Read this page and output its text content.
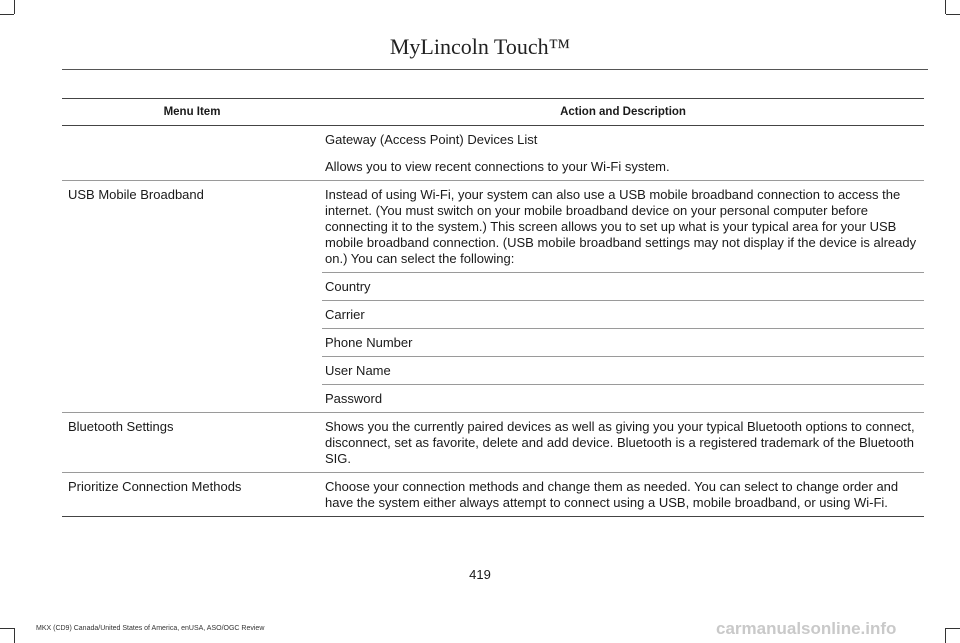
MyLincoln Touch™
Menu Item	Action and Description
	Gateway (Access Point) Devices List
	Allows you to view recent connections to your Wi-Fi system.
USB Mobile Broadband	Instead of using Wi-Fi, your system can also use a USB mobile broadband connection to access the internet. (You must switch on your mobile broadband device on your personal computer before connecting it to the system.) This screen allows you to set up what is your typical area for your USB mobile broadband connection. (USB mobile broadband settings may not display if the device is already on.) You can select the following:
	Country
	Carrier
	Phone Number
	User Name
	Password
Bluetooth Settings	Shows you the currently paired devices as well as giving you your typical Bluetooth options to connect, disconnect, set as favorite, delete and add device. Bluetooth is a registered trademark of the Bluetooth SIG.
Prioritize Connection Methods	Choose your connection methods and change them as needed. You can select to change order and have the system either always attempt to connect using a USB, mobile broadband, or using Wi-Fi.
419
MKX (CD9) Canada/United States of America, enUSA, ASO/OGC Review	carmanualsonline.info
